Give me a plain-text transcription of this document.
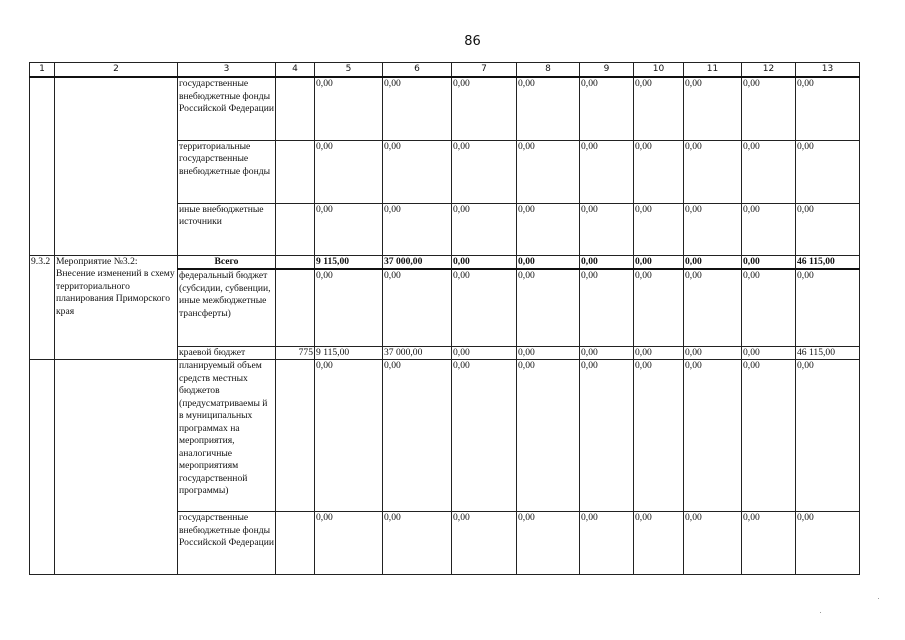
86
1	2	3	4	5	6	7	8	9	10	11	12	13
		государственные внебюджетные фонды Российской Федерации		0,00	0,00	0,00	0,00	0,00	0,00	0,00	0,00	0,00
		территориальные государственные внебюджетные фонды		0,00	0,00	0,00	0,00	0,00	0,00	0,00	0,00	0,00
		иные внебюджетные источники		0,00	0,00	0,00	0,00	0,00	0,00	0,00	0,00	0,00
9.3.2	Мероприятие №3.2: Внесение изменений в схему территориального планирования Приморского края	Всего		9 115,00	37 000,00	0,00	0,00	0,00	0,00	0,00	0,00	46 115,00
		федеральный бюджет (субсидии, субвенции, иные межбюджетные трансферты)		0,00	0,00	0,00	0,00	0,00	0,00	0,00	0,00	0,00
		краевой бюджет	775	9 115,00	37 000,00	0,00	0,00	0,00	0,00	0,00	0,00	46 115,00
		планируемый объем средств местных бюджетов (предусматриваемы й в муниципальных программах на мероприятия, аналогичные мероприятиям государственной программы)		0,00	0,00	0,00	0,00	0,00	0,00	0,00	0,00	0,00
		государственные внебюджетные фонды Российской Федерации		0,00	0,00	0,00	0,00	0,00	0,00	0,00	0,00	0,00
